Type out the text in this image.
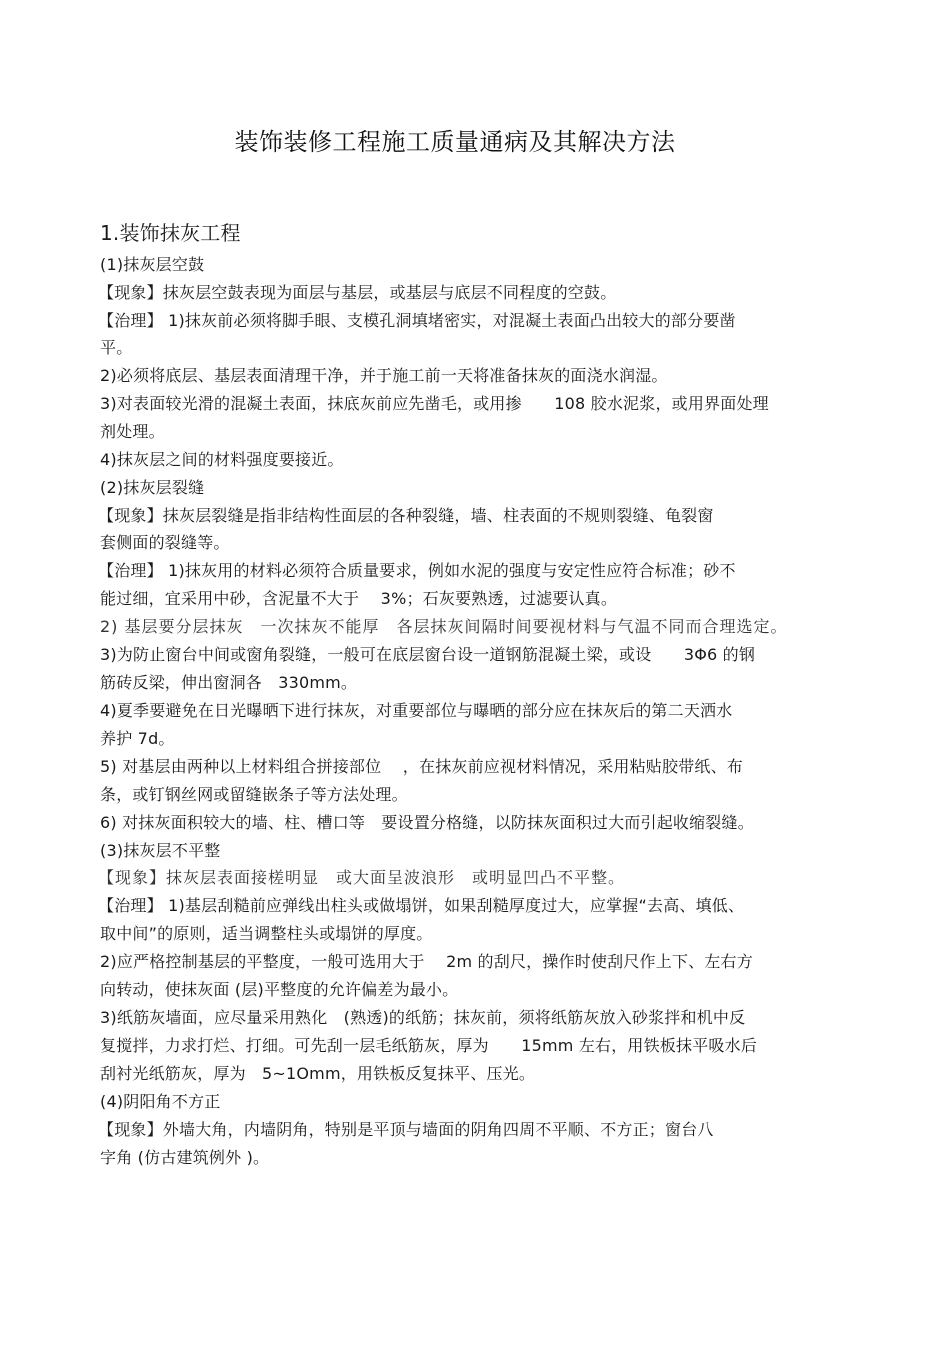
装饰装修工程施工质量通病及其解决方法
1.装饰抹灰工程
(1)抹灰层空鼓
【现象】抹灰层空鼓表现为面层与基层，或基层与底层不同程度的空鼓。
【治理】 1)抹灰前必须将脚手眼、支模孔洞填堵密实，对混凝土表面凸出较大的部分要凿
平。
2)必须将底层、基层表面清理干净，并于施工前一天将准备抹灰的面浇水润湿。
3)对表面较光滑的混凝土表面，抹底灰前应先凿毛，或用掺　　108 胶水泥浆，或用界面处理
剂处理。
4)抹灰层之间的材料强度要接近。
(2)抹灰层裂缝
【现象】抹灰层裂缝是指非结构性面层的各种裂缝，墙、柱表面的不规则裂缝、龟裂窗
套侧面的裂缝等。
【治理】 1)抹灰用的材料必须符合质量要求，例如水泥的强度与安定性应符合标准；砂不
能过细，宜采用中砂，含泥量不大于　 3%；石灰要熟透，过滤要认真。
2) 基层要分层抹灰　一次抹灰不能厚　各层抹灰间隔时间要视材料与气温不同而合理选定。
3)为防止窗台中间或窗角裂缝，一般可在底层窗台设一道钢筋混凝土梁，或设　　3Φ6 的钢
筋砖反梁，伸出窗洞各　330mm。
4)夏季要避免在日光曝晒下进行抹灰，对重要部位与曝晒的部分应在抹灰后的第二天洒水
养护 7d。
5) 对基层由两种以上材料组合拼接部位　 ，在抹灰前应视材料情况，采用粘贴胶带纸、布
条，或钉钢丝网或留缝嵌条子等方法处理。
6) 对抹灰面积较大的墙、柱、槽口等　要设置分格缝，以防抹灰面积过大而引起收缩裂缝。
(3)抹灰层不平整
【现象】抹灰层表面接槎明显　或大面呈波浪形　或明显凹凸不平整。
【治理】 1)基层刮糙前应弹线出柱头或做塌饼，如果刮糙厚度过大，应掌握“去高、填低、
取中间”的原则，适当调整柱头或塌饼的厚度。
2)应严格控制基层的平整度，一般可选用大于　 2m 的刮尺，操作时使刮尺作上下、左右方
向转动，使抹灰面 (层)平整度的允许偏差为最小。
3)纸筋灰墙面，应尽量采用熟化　(熟透)的纸筋；抹灰前，须将纸筋灰放入砂浆拌和机中反
复搅拌，力求打烂、打细。可先刮一层毛纸筋灰，厚为　　15mm 左右，用铁板抹平吸水后
刮衬光纸筋灰，厚为　5~1Omm，用铁板反复抹平、压光。
(4)阴阳角不方正
【现象】外墙大角，内墙阴角，特别是平顶与墙面的阴角四周不平顺、不方正；窗台八
字角 (仿古建筑例外 )。
